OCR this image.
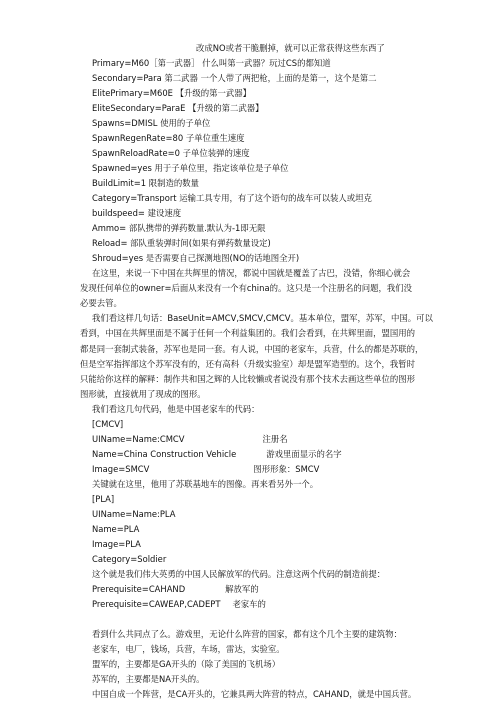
改成NO或者干脆删掉，就可以正常获得这些东西了
Primary=M60［第一武器］ 什么叫第一武器？玩过CS的都知道
Secondary=Para 第二武器 一个人带了两把枪，上面的是第一，这个是第二
ElitePrimary=M60E 【升级的第一武器】
EliteSecondary=ParaE 【升级的第二武器】
Spawns=DMISL 使用的子单位
SpawnRegenRate=80 子单位重生速度
SpawnReloadRate=0 子单位装弹的速度
Spawned=yes 用于子单位里，指定该单位是子单位
BuildLimit=1 限制造的数量
Category=Transport 运输工具专用，有了这个语句的战车可以装人或坦克
buildspeed= 建设速度
Ammo= 部队携带的弹药数量.默认为-1即无限
Reload= 部队重装弹时间(如果有弹药数量设定)
Shroud=yes 是否需要自己探测地图(NO的话地图全开)
在这里，来说一下中国在共辉里的情况，都说中国就是覆盖了古巴，没错，你细心就会
发现任何单位的owner=后面从来没有一个有china的。这只是一个注册名的问题，我们没
必要去管。
我们看这样几句话：BaseUnit=AMCV,SMCV,CMCV。基本单位，盟军，苏军，中国。可以
看到，中国在共辉里面是不属于任何一个利益集团的。我们会看到，在共辉里面，盟国用的
都是同一套制式装备，苏军也是同一套。有人说，中国的老家车，兵营，什么的都是苏联的，
但是空军指挥部这个苏军没有的，还有高科（升级实验室）却是盟军造型的。这个，我暂时
只能给你这样的解释：制作共和国之辉的人比较懒或者说没有那个技术去画这些单位的图形
图形就，直接就用了现成的图形。
我们看这几句代码，他是中国老家车的代码：
[CMCV]
UIName=Name:CMCV	注册名
Name=China Construction Vehicle	游戏里面显示的名字
Image=SMCV	图形形象：SMCV
关键就在这里，他用了苏联基地车的图像。再来看另外一个。
[PLA]
UIName=Name:PLA
Name=PLA
Image=PLA
Category=Soldier
这个就是我们伟大英勇的中国人民解放军的代码。注意这两个代码的制造前提：
Prerequisite=CAHAND	解放军的
Prerequisite=CAWEAP,CADEPT 老家车的
看到什么共同点了么。游戏里，无论什么阵营的国家，都有这个几个主要的建筑物：
老家车，电厂，钱场，兵营，车场，雷达，实验室。
盟军的，主要都是GA开头的（除了美国的飞机场）
苏军的，主要都是NA开头的。
中国自成一个阵营，是CA开头的，它兼具两大阵营的特点，CAHAND，就是中国兵营。
